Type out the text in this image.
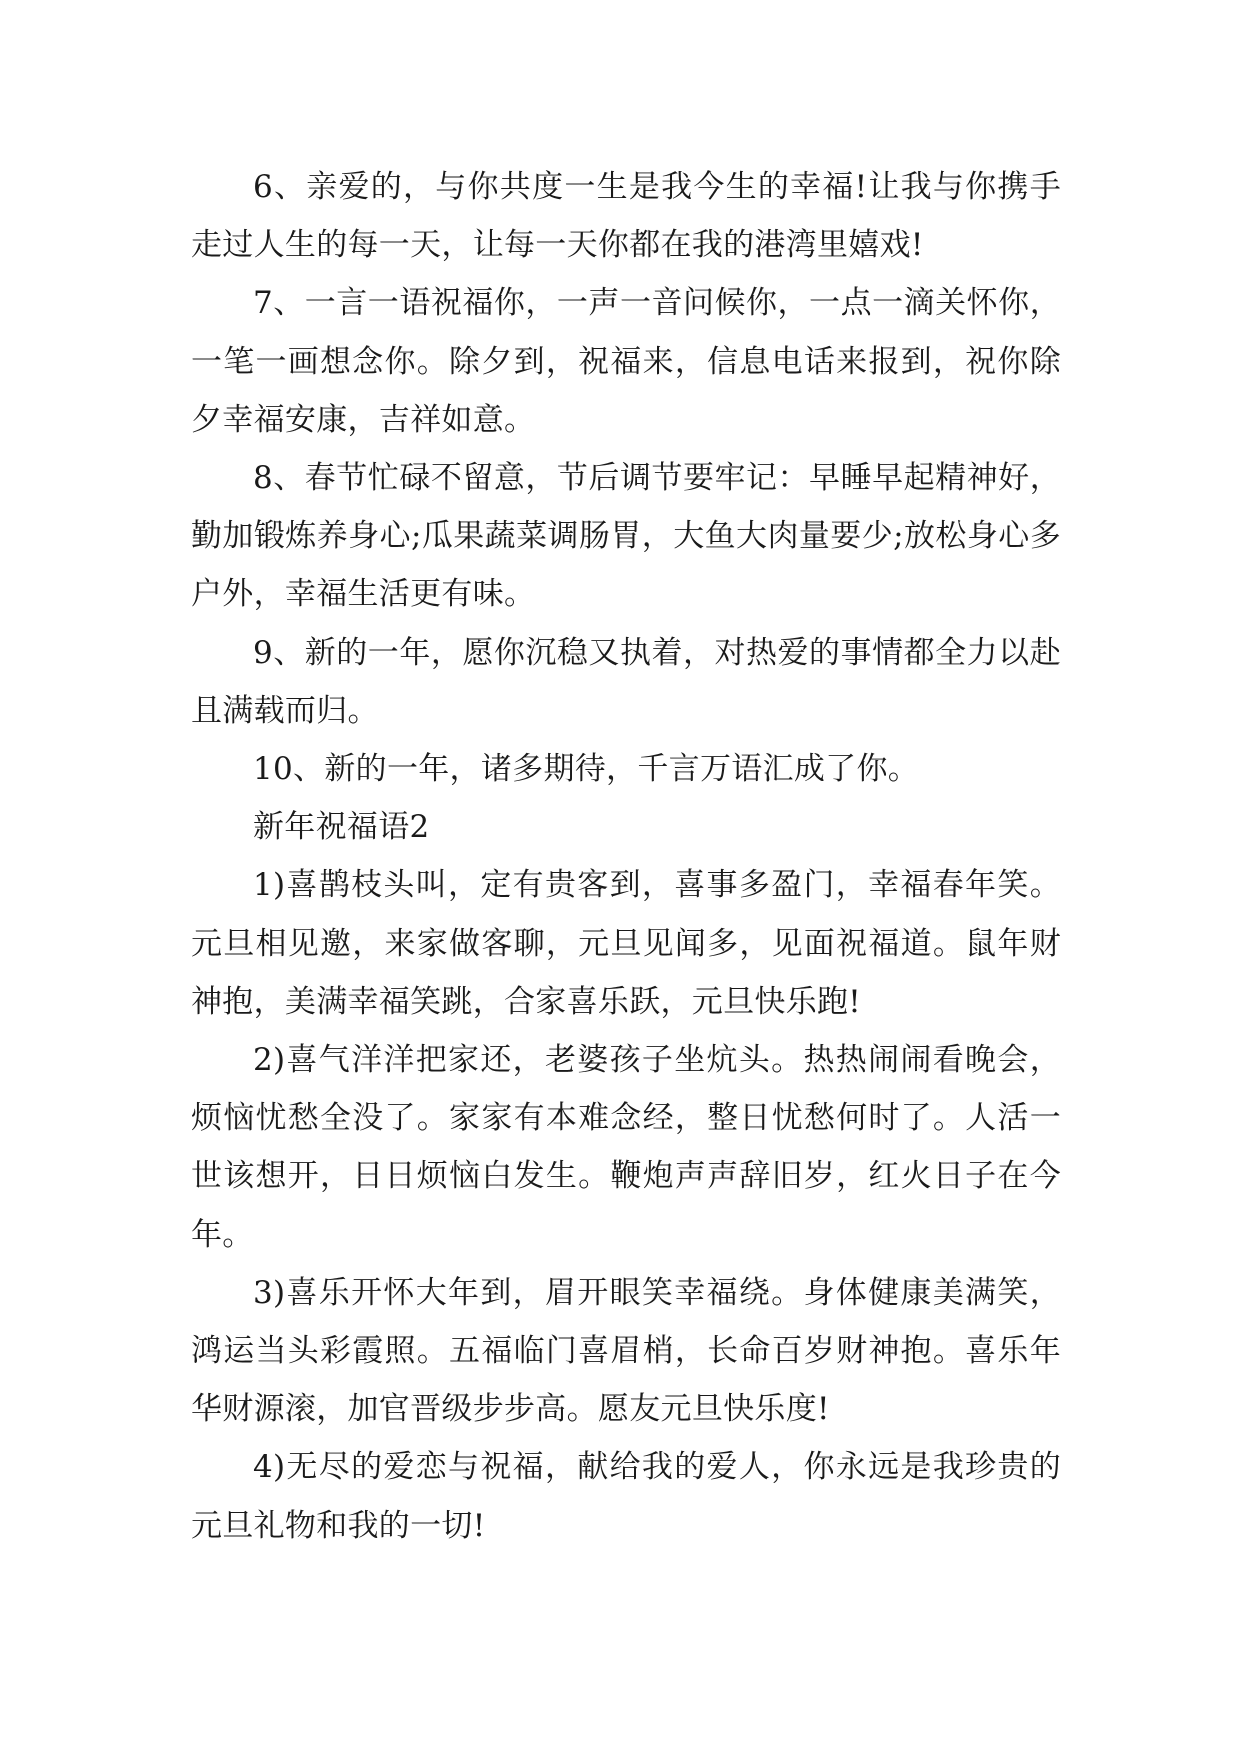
6、亲爱的，与你共度一生是我今生的幸福!让我与你携手走过人生的每一天，让每一天你都在我的港湾里嬉戏!

7、一言一语祝福你，一声一音问候你，一点一滴关怀你，一笔一画想念你。除夕到，祝福来，信息电话来报到，祝你除夕幸福安康，吉祥如意。

8、春节忙碌不留意，节后调节要牢记：早睡早起精神好，勤加锻炼养身心;瓜果蔬菜调肠胃，大鱼大肉量要少;放松身心多户外，幸福生活更有味。

9、新的一年，愿你沉稳又执着，对热爱的事情都全力以赴且满载而归。

10、新的一年，诸多期待，千言万语汇成了你。

新年祝福语2

1)喜鹊枝头叫，定有贵客到，喜事多盈门，幸福春年笑。元旦相见邀，来家做客聊，元旦见闻多，见面祝福道。鼠年财神抱，美满幸福笑跳，合家喜乐跃，元旦快乐跑!

2)喜气洋洋把家还，老婆孩子坐炕头。热热闹闹看晚会，烦恼忧愁全没了。家家有本难念经，整日忧愁何时了。人活一世该想开，日日烦恼白发生。鞭炮声声辞旧岁，红火日子在今年。

3)喜乐开怀大年到，眉开眼笑幸福绕。身体健康美满笑，鸿运当头彩霞照。五福临门喜眉梢，长命百岁财神抱。喜乐年华财源滚，加官晋级步步高。愿友元旦快乐度!

4)无尽的爱恋与祝福，献给我的爱人，你永远是我珍贵的元旦礼物和我的一切!
